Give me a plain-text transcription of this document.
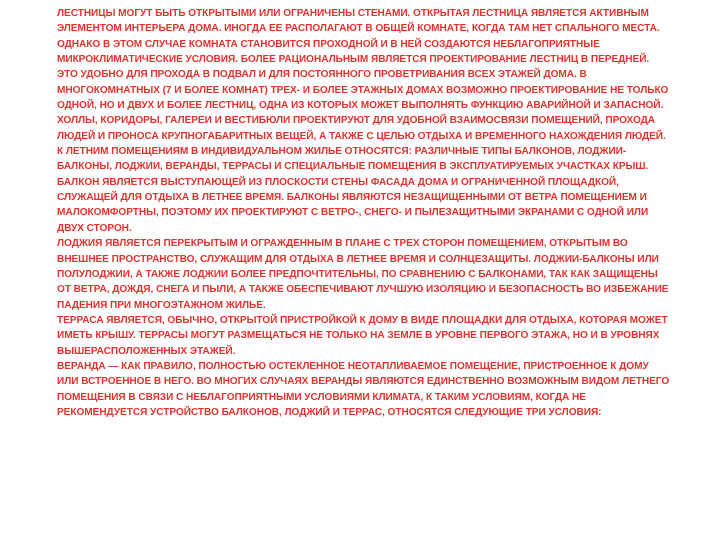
ЛЕСТНИЦЫ МОГУТ БЫТЬ ОТКРЫТЫМИ ИЛИ ОГРАНИЧЕНЫ СТЕНАМИ. ОТКРЫТАЯ ЛЕСТНИЦА ЯВЛЯЕТСЯ АКТИВНЫМ ЭЛЕМЕНТОМ ИНТЕРЬЕРА ДОМА. ИНОГДА ЕЕ РАСПОЛАГАЮТ В ОБЩЕЙ КОМНАТЕ, КОГДА ТАМ НЕТ СПАЛЬНОГО МЕСТА. ОДНАКО В ЭТОМ СЛУЧАЕ КОМНАТА СТАНОВИТСЯ ПРОХОДНОЙ И В НЕЙ СОЗДАЮТСЯ НЕБЛАГОПРИЯТНЫЕ МИКРОКЛИМАТИЧЕСКИЕ УСЛОВИЯ. БОЛЕЕ РАЦИОНАЛЬНЫМ ЯВЛЯЕТСЯ ПРОЕКТИРОВАНИЕ ЛЕСТНИЦ В ПЕРЕДНЕЙ. ЭТО УДОБНО ДЛЯ ПРОХОДА В ПОДВАЛ И ДЛЯ ПОСТОЯННОГО ПРОВЕТРИВАНИЯ ВСЕХ ЭТАЖЕЙ ДОМА. В МНОГОКОМНАТНЫХ (7 И БОЛЕЕ КОМНАТ) ТРЕХ- И БОЛЕЕ ЭТАЖНЫХ ДОМАХ ВОЗМОЖНО ПРОЕКТИРОВАНИЕ НЕ ТОЛЬКО ОДНОЙ, НО И ДВУХ И БОЛЕЕ ЛЕСТНИЦ, ОДНА ИЗ КОТОРЫХ МОЖЕТ ВЫПОЛНЯТЬ ФУНКЦИЮ АВАРИЙНОЙ И ЗАПАСНОЙ.

ХОЛЛЫ, КОРИДОРЫ, ГАЛЕРЕИ И ВЕСТИБЮЛИ ПРОЕКТИРУЮТ ДЛЯ УДОБНОЙ ВЗАИМОСВЯЗИ ПОМЕЩЕНИЙ, ПРОХОДА ЛЮДЕЙ И ПРОНОСА КРУПНОГАБАРИТНЫХ ВЕЩЕЙ, А ТАКЖЕ С ЦЕЛЬЮ ОТДЫХА И ВРЕМЕННОГО НАХОЖДЕНИЯ ЛЮДЕЙ.

К ЛЕТНИМ ПОМЕЩЕНИЯМ В ИНДИВИДУАЛЬНОМ ЖИЛЬЕ ОТНОСЯТСЯ: РАЗЛИЧНЫЕ ТИПЫ БАЛКОНОВ, ЛОДЖИИ-БАЛКОНЫ, ЛОДЖИИ, ВЕРАНДЫ, ТЕРРАСЫ И СПЕЦИАЛЬНЫЕ ПОМЕЩЕНИЯ В ЭКСПЛУАТИРУЕМЫХ УЧАСТКАХ КРЫШ.

БАЛКОН ЯВЛЯЕТСЯ ВЫСТУПАЮЩЕЙ ИЗ ПЛОСКОСТИ СТЕНЫ ФАСАДА ДОМА И ОГРАНИЧЕННОЙ ПЛОЩАДКОЙ, СЛУЖАЩЕЙ ДЛЯ ОТДЫХА В ЛЕТНЕЕ ВРЕМЯ. БАЛКОНЫ ЯВЛЯЮТСЯ НЕЗАЩИЩЕННЫМИ ОТ ВЕТРА ПОМЕЩЕНИЕМ И МАЛОКОМФОРТНЫ, ПОЭТОМУ ИХ ПРОЕКТИРУЮТ С ВЕТРО-, СНЕГО- И ПЫЛЕЗАЩИТНЫМИ ЭКРАНАМИ С ОДНОЙ ИЛИ ДВУХ СТОРОН.

ЛОДЖИЯ ЯВЛЯЕТСЯ ПЕРЕКРЫТЫМ И ОГРАЖДЕННЫМ В ПЛАНЕ С ТРЕХ СТОРОН ПОМЕЩЕНИЕМ, ОТКРЫТЫМ ВО ВНЕШНЕЕ ПРОСТРАНСТВО, СЛУЖАЩИМ ДЛЯ ОТДЫХА В ЛЕТНЕЕ ВРЕМЯ И СОЛНЦЕЗАЩИТЫ. ЛОДЖИИ-БАЛКОНЫ ИЛИ ПОЛУЛОДЖИИ, А ТАКЖЕ ЛОДЖИИ БОЛЕЕ ПРЕДПОЧТИТЕЛЬНЫ, ПО СРАВНЕНИЮ С БАЛКОНАМИ, ТАК КАК ЗАЩИЩЕНЫ ОТ ВЕТРА, ДОЖДЯ, СНЕГА И ПЫЛИ, А ТАКЖЕ ОБЕСПЕЧИВАЮТ ЛУЧШУЮ ИЗОЛЯЦИЮ И БЕЗОПАСНОСТЬ ВО ИЗБЕЖАНИЕ ПАДЕНИЯ ПРИ МНОГОЭТАЖНОМ ЖИЛЬЕ.

ТЕРРАСА ЯВЛЯЕТСЯ, ОБЫЧНО, ОТКРЫТОЙ ПРИСТРОЙКОЙ К ДОМУ В ВИДЕ ПЛОЩАДКИ ДЛЯ ОТДЫХА, КОТОРАЯ МОЖЕТ ИМЕТЬ КРЫШУ. ТЕРРАСЫ МОГУТ РАЗМЕЩАТЬСЯ НЕ ТОЛЬКО НА ЗЕМЛЕ В УРОВНЕ ПЕРВОГО ЭТАЖА, НО И В УРОВНЯХ ВЫШЕРАСПОЛОЖЕННЫХ ЭТАЖЕЙ.

ВЕРАНДА — КАК ПРАВИЛО, ПОЛНОСТЬЮ ОСТЕКЛЕННОЕ НЕОТАПЛИВАЕМОЕ ПОМЕЩЕНИЕ, ПРИСТРОЕННОЕ К ДОМУ ИЛИ ВСТРОЕННОЕ В НЕГО. ВО МНОГИХ СЛУЧАЯХ ВЕРАНДЫ ЯВЛЯЮТСЯ ЕДИНСТВЕННО ВОЗМОЖНЫМ ВИДОМ ЛЕТНЕГО ПОМЕЩЕНИЯ В СВЯЗИ С НЕБЛАГОПРИЯТНЫМИ УСЛОВИЯМИ КЛИМАТА, К ТАКИМ УСЛОВИЯМ, КОГДА НЕ РЕКОМЕНДУЕТСЯ УСТРОЙСТВО БАЛКОНОВ, ЛОДЖИЙ И ТЕРРАС, ОТНОСЯТСЯ СЛЕДУЮЩИЕ ТРИ УСЛОВИЯ:
